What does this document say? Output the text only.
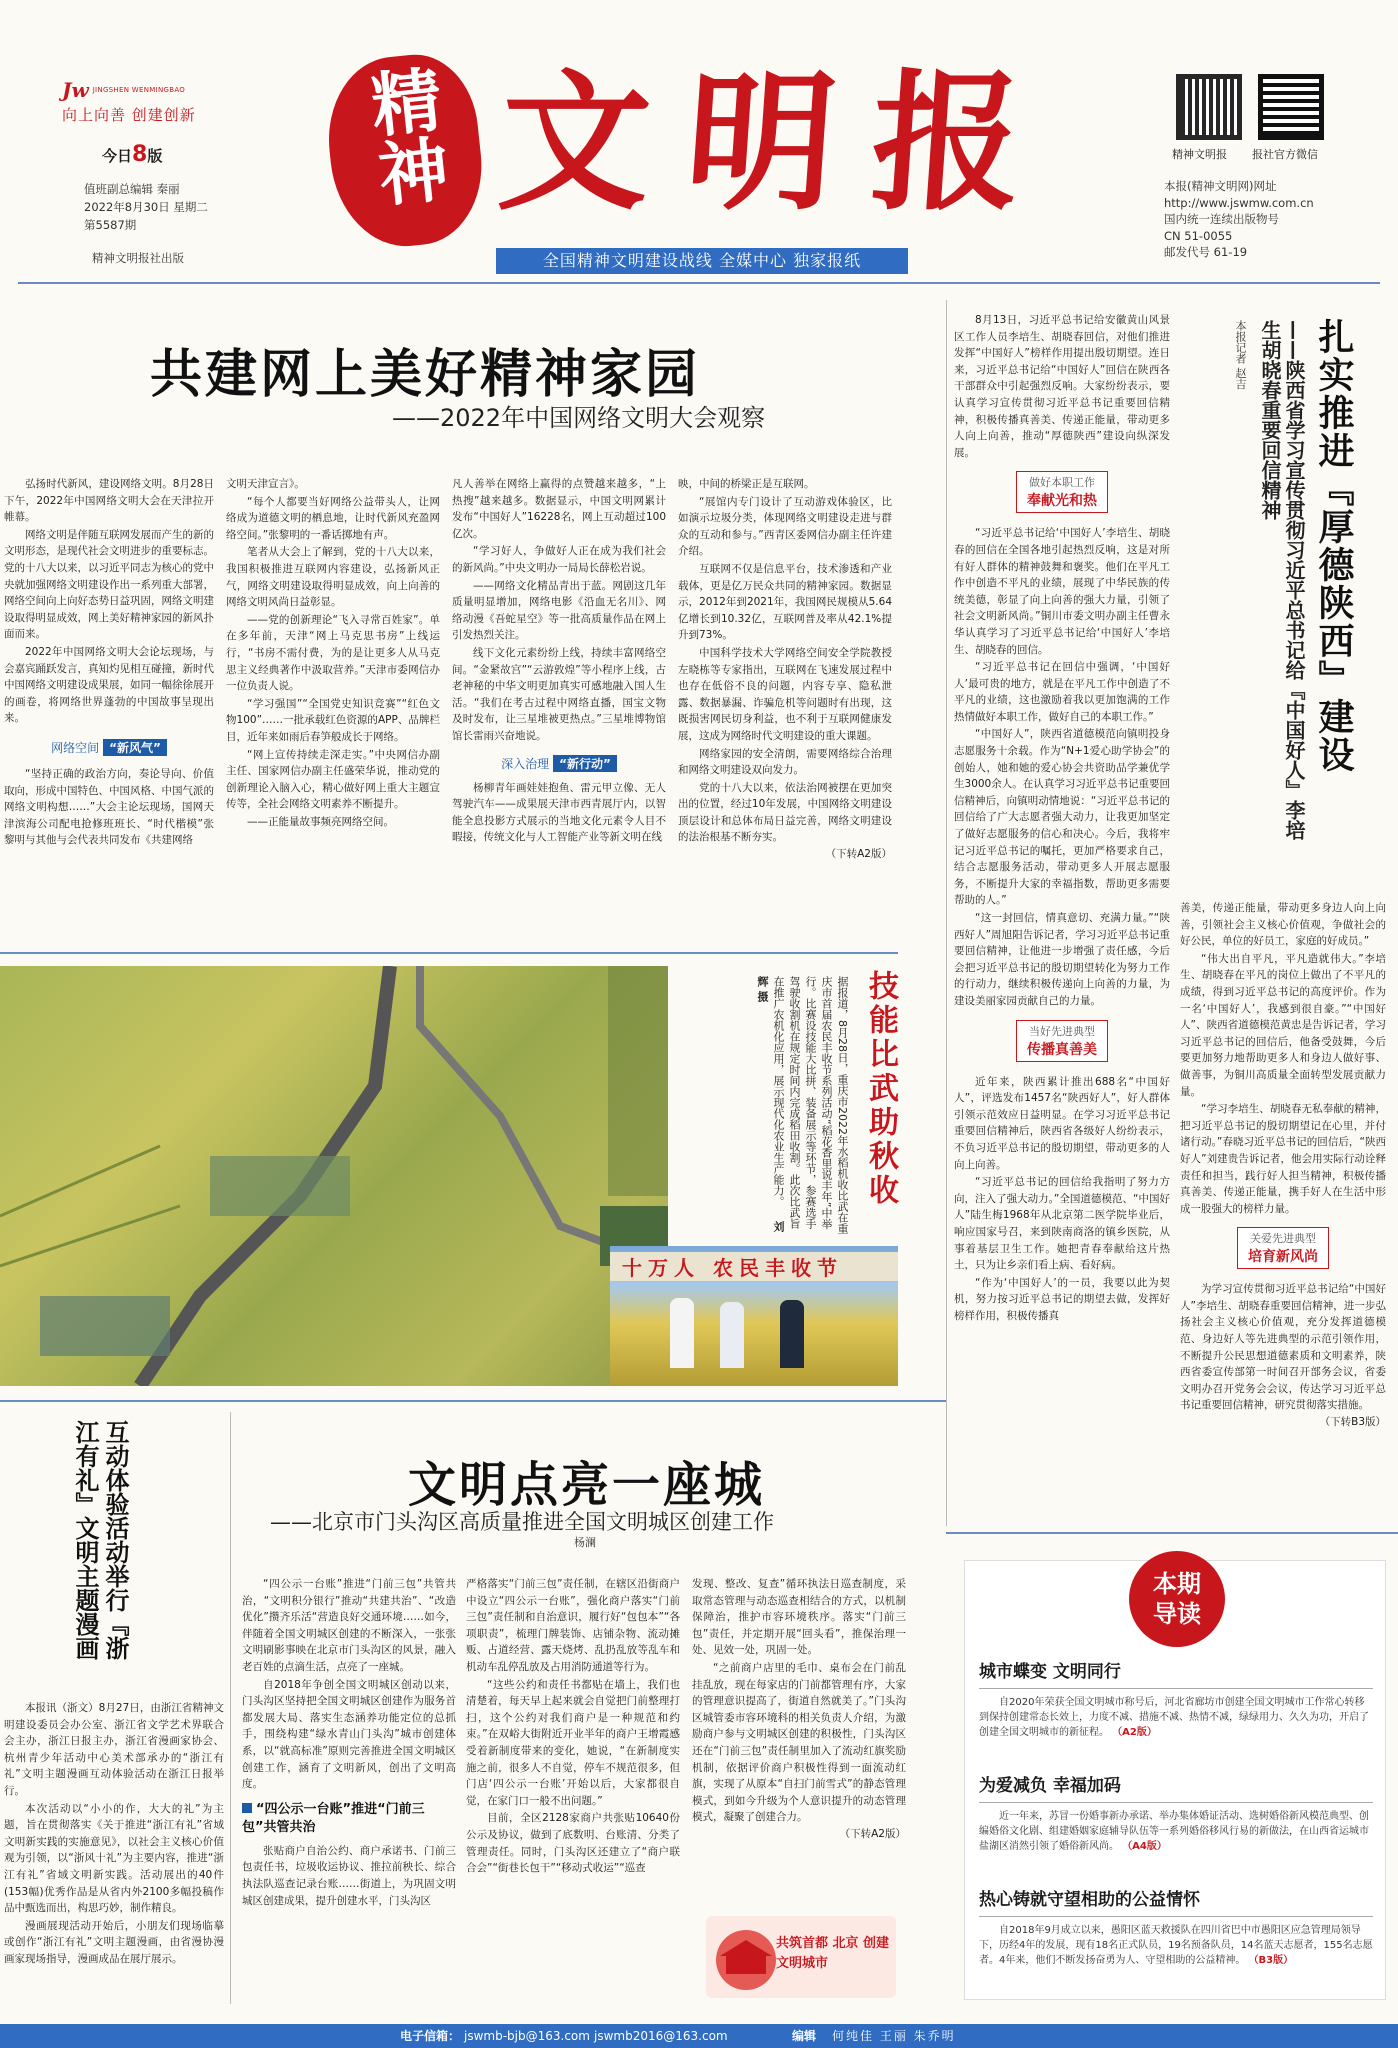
Jw JINGSHEN WENMINGBAO
向上向善 创建创新
今日8版
值班副总编辑 秦丽
2022年8月30日 星期二
第5587期
精神文明报社出版
精神 文明报
全国精神文明建设战线 全媒中心 独家报纸
精神文明报 报社官方微信
本报(精神文明网)网址
http://www.jswmw.com.cn
国内统一连续出版物号
CN 51-0055
邮发代号 61-19
共建网上美好精神家园
——2022年中国网络文明大会观察

弘扬时代新风，建设网络文明。8月28日下午，2022年中国网络文明大会在天津拉开帷幕。

网络文明是伴随互联网发展而产生的新的文明形态，是现代社会文明进步的重要标志。党的十八大以来，以习近平同志为核心的党中央就加强网络文明建设作出一系列重大部署，网络空间向上向好态势日益巩固，网络文明建设取得明显成效，网上美好精神家园的新风扑面而来。

2022年中国网络文明大会论坛现场，与会嘉宾踊跃发言，真知灼见相互碰撞，新时代中国网络文明建设成果展，如同一幅徐徐展开的画卷，将网络世界蓬勃的中国故事呈现出来。

网络空间 “新风气”

“坚持正确的政治方向，奏论导向、价值取向，形成中国特色、中国风格、中国气派的网络文明构想……”大会主论坛现场，国网天津滨海公司配电抢修班班长、“时代楷模”张黎明与其他与会代表共同发布《共建网络

文明天津宣言》。

“每个人都要当好网络公益带头人，让网络成为道德文明的栖息地，让时代新风充盈网络空间。”张黎明的一番话掷地有声。

笔者从大会上了解到，党的十八大以来，我国积极推进互联网内容建设，弘扬新风正气，网络文明建设取得明显成效，向上向善的网络文明风尚日益彰显。

——党的创新理论“飞入寻常百姓家”。单在多年前，天津“网上马克思书房”上线运行，“书房不需付费，为的是让更多人从马克思主义经典著作中汲取营养。”天津市委网信办一位负责人说。

“学习强国”“全国党史知识竞赛”“红色文物100”……一批承载红色资源的APP、品牌栏目，近年来如雨后春笋般成长于网络。

“网上宣传持续走深走实。”中央网信办副主任、国家网信办副主任盛荣华说，推动党的创新理论入脑入心，精心做好网上重大主题宣传等，全社会网络文明素养不断提升。

——正能量故事频亮网络空间。

凡人善举在网络上赢得的点赞越来越多，“上热搜”越来越多。数据显示，中国文明网累计发布“中国好人”16228名，网上互动超过100亿次。

“学习好人，争做好人正在成为我们社会的新风尚。”中央文明办一局局长薛松岩说。

——网络文化精品青出于蓝。网剧这几年质量明显增加，网络电影《沿血无名川》、网络动漫《吾蛇星空》等一批高质量作品在网上引发热烈关注。

线下文化元素纷纷上线，持续丰富网络空间。“金紧故宫”“云游敦煌”等小程序上线，古老神秘的中华文明更加真实可感地融入国人生活。“我们在考古过程中网络直播，国宝文物及时发布，让三星堆被更热点。”三星堆博物馆馆长雷雨兴奋地说。

深入治理 “新行动”

杨柳青年画娃娃抱鱼、雷元甲立像、无人驾驶汽车——成果展天津市西青展厅内，以智能全息投影方式展示的当地文化元素令人目不暇接，传统文化与人工智能产业等新文明在线

映，中间的桥梁正是互联网。

“展馆内专门设计了互动游戏体验区，比如演示垃圾分类，体现网络文明建设走进与群众的互动和参与。”西青区委网信办副主任许建介绍。

互联网不仅是信息平台，技术渗透和产业载体，更是亿万民众共同的精神家园。数据显示，2012年到2021年，我国网民规模从5.64亿增长到10.32亿，互联网普及率从42.1%提升到73%。

中国科学技术大学网络空间安全学院教授左晓栋等专家指出，互联网在飞速发展过程中也存在低俗不良的问题，内容专享、隐私泄露、数据暴漏、诈骗危机等问题时有出现，这既损害网民切身利益，也不利于互联网健康发展，这成为网络时代文明建设的重大课题。

网络家园的安全清朗，需要网络综合治理和网络文明建设双向发力。

党的十八大以来，依法治网被摆在更加突出的位置，经过10年发展，中国网络文明建设顶层设计和总体布局日益完善，网络文明建设的法治根基不断夯实。

（下转A2版）
十万人 农民丰收节
技能比武助秋收
据报道，8月28日，重庆市2022年水稻机收比武在重庆市首届农民丰收节系列活动“稻花香里说丰年”中举行。比赛设技能大比拼、装备展示等环节，参赛选手驾驶收割机在规定时间内完成稻田收割。此次比武旨在推广农机化应用，展示现代化农业生产能力。 刘辉 摄
扎实推进『厚德陕西』建设
——陕西省学习宣传贯彻习近平总书记给『中国好人』李培生胡晓春重要回信精神
本报记者 赵吉

8月13日，习近平总书记给安徽黄山风景区工作人员李培生、胡晓春回信，对他们推进发挥“中国好人”榜样作用提出殷切期望。连日来，习近平总书记给“中国好人”回信在陕西各干部群众中引起强烈反响。大家纷纷表示，要认真学习宣传贯彻习近平总书记重要回信精神，积极传播真善美、传递正能量，带动更多人向上向善，推动“厚德陕西”建设向纵深发展。

做好本职工作
奉献光和热

“习近平总书记给‘中国好人’李培生、胡晓春的回信在全国各地引起热烈反响，这是对所有好人群体的精神鼓舞和褒奖。他们在平凡工作中创造不平凡的业绩，展现了中华民族的传统美德，彰显了向上向善的强大力量，引领了社会文明新风尚。”铜川市委文明办副主任曹永华认真学习了习近平总书记给‘中国好人’李培生、胡晓春的回信。

“习近平总书记在回信中强调，‘中国好人’最可贵的地方，就是在平凡工作中创造了不平凡的业绩，这也激励着我以更加饱满的工作热情做好本职工作，做好自己的本职工作。”

“中国好人”，陕西省道德模范向镇明投身志愿服务十余载。作为“N+1爱心助学协会”的创始人，她和她的爱心协会共资助品学兼优学生3000余人。在认真学习习近平总书记重要回信精神后，向镇明动情地说：“习近平总书记的回信给了广大志愿者强大动力，让我更加坚定了做好志愿服务的信心和决心。今后，我将牢记习近平总书记的嘱托，更加严格要求自己，结合志愿服务活动，带动更多人开展志愿服务，不断提升大家的幸福指数，帮助更多需要帮助的人。”

“这一封回信，情真意切、充满力量。”“陕西好人”周旭阳告诉记者，学习习近平总书记重要回信精神，让他进一步增强了责任感，今后会把习近平总书记的殷切期望转化为努力工作的行动力，继续积极传递向上向善的力量，为建设美丽家园贡献自己的力量。

当好先进典型
传播真善美

近年来，陕西累计推出688名“中国好人”，评选发布1457名“陕西好人”，好人群体引领示范效应日益明显。在学习习近平总书记重要回信精神后，陕西省各级好人纷纷表示，不负习近平总书记的殷切期望，带动更多的人向上向善。

“习近平总书记的回信给我指明了努力方向，注入了强大动力。”全国道德模范、“中国好人”陆生梅1968年从北京第二医学院毕业后，响应国家号召，来到陕南商洛的镇乡医院，从事着基层卫生工作。她把青春奉献给这片热土，只为让乡亲们看上病、看好病。

“作为‘中国好人’的一员，我要以此为契机，努力按习近平总书记的期望去做，发挥好榜样作用，积极传播真

善美，传递正能量，带动更多身边人向上向善，引领社会主义核心价值观，争做社会的好公民，单位的好员工，家庭的好成员。”

“伟大出自平凡，平凡造就伟大。”李培生、胡晓春在平凡的岗位上做出了不平凡的成绩，得到习近平总书记的高度评价。作为一名‘中国好人’，我感到很自豪。”“中国好人”、陕西省道德模范黄忠是告诉记者，学习习近平总书记的回信后，他备受鼓舞，今后要更加努力地帮助更多人和身边人做好事、做善事，为铜川高质量全面转型发展贡献力量。

“学习李培生、胡晓春无私奉献的精神，把习近平总书记的殷切期望记在心里，并付诸行动。”春晓习近平总书记的回信后，“陕西好人”刘建贵告诉记者，他会用实际行动诠释责任和担当，践行好人担当精神，积极传播真善美、传递正能量，携手好人在生活中形成一股强大的榜样力量。

关爱先进典型
培育新风尚

为学习宣传贯彻习近平总书记给“中国好人”李培生、胡晓春重要回信精神，进一步弘扬社会主义核心价值观，充分发挥道德模范、身边好人等先进典型的示范引领作用，不断提升公民思想道德素质和文明素养，陕西省委宣传部第一时间召开部务会议，省委文明办召开党务会会议，传达学习习近平总书记重要回信精神，研究贯彻落实措施。

（下转B3版）
互动体验活动举行『浙江有礼』文明主题漫画

本报讯（浙文）8月27日，由浙江省精神文明建设委员会办公室、浙江省文学艺术界联合会主办，浙江日报主办，浙江省漫画家协会、杭州青少年活动中心美术部承办的“浙江有礼”文明主题漫画互动体验活动在浙江日报举行。

本次活动以“小小的作，大大的礼”为主题，旨在贯彻落实《关于推进“浙江有礼”省域文明新实践的实施意见》，以社会主义核心价值观为引领，以“浙风十礼”为主要内容，推进“浙江有礼”省域文明新实践。活动展出的40件(153幅)优秀作品是从省内外2100多幅投稿作品中甄选而出，构思巧妙，制作精良。

漫画展现活动开始后，小朋友们现场临摹或创作“浙江有礼”文明主题漫画，由省漫协漫画家现场指导，漫画成品在展厅展示。

文明点亮一座城
——北京市门头沟区高质量推进全国文明城区创建工作
杨澜

“四公示一台账”推进“门前三包”共管共治，“文明积分银行”推动“共建共治”、“改造优化”攒齐乐活“营造良好交通环境……如今，伴随着全国文明城区创建的不断深入，一张张文明刷影事映在北京市门头沟区的风景，融入老百姓的点滴生活，点亮了一座城。

自2018年争创全国文明城区创动以来，门头沟区坚持把全国文明城区创建作为服务首都发展大局、落实生态涵养功能定位的总抓手，围绕构建“绿水青山门头沟”城市创建体系，以“就高标准”原则完善推进全国文明城区创建工作，涵育了文明新风，创出了文明高度。

“四公示一台账”推进“门前三包”共管共治

张贴商户自治公约、商户承诺书、门前三包责任书，垃圾收运协议、推拉前秧长、综合执法队巡查记录台账……街道上，为巩固文明城区创建成果，提升创建水平，门头沟区

严格落实“门前三包”责任制，在辖区沿街商户中设立“四公示一台账”，强化商户落实“门前三包”责任制和自治意识，履行好“包包本”“各项职责”，梳理门牌装饰、店铺杂物、流动摊贩、占道经营、露天烧烤、乱扔乱放等乱车和机动车乱停乱放及占用消防通道等行为。

“这些公约和责任书都贴在墙上，我们也清楚着，每天早上起来就会自觉把门前整理打扫，这个公约对我们商户是一种规范和约束。”在双峪大街附近开业半年的商户王增霞感受着新制度带来的变化，她说，“在新制度实施之前，很多人不自觉，停车不规范很多，但门店‘四公示一台账’开始以后，大家都很自觉，在家门口一般不出问题。”

目前，全区2128家商户共张贴10640份公示及协议，做到了底数明、台账清、分类了管理责任。同时，门头沟区还建立了“商户联合会”“街巷长包干”“移动式收运”“巡查

发现、整改、复查”循环执法日巡查制度，采取常态管理与动态巡查相结合的方式，以机制保障治，推护市容环境秩序。落实“门前三包”责任，并定期开展“回头看”，推保治理一处、见效一处，巩固一处。

“之前商户店里的毛巾、桌布会在门前乱挂乱放，现在每家店的门前都管理有序，大家的管理意识提高了，街道自然就美了。”门头沟区城管委市容环境科的相关负责人介绍，为激励商户参与文明城区创建的积极性，门头沟区还在“门前三包”责任制里加入了流动红旗奖励机制，依据评价商户积极性得到一面流动红旗，实现了从原本“自扫门前雪式”的静态管理模式，到如今升级为个人意识提升的动态管理模式，凝聚了创建合力。

（下转A2版）
共筑首都 北京 创建文明城市
本期
导读
城市蝶变 文明同行
自2020年荣获全国文明城市称号后，河北省廊坊市创建全国文明城市工作常心转移到保持创建常态长效上，力度不减、措施不减、热情不减，绿绿用力、久久为功，开启了创建全国文明城市的新征程。 （A2版）
为爱减负 幸福加码
近一年来，苏冒一份婚事新办承诺、举办集体婚证活动、选树婚俗新风模范典型、创编婚俗文化剧、组建婚姻家庭辅导队伍等一系列婚俗移风行易的新做法，在山西省运城市盐湖区消然引领了婚俗新风尚。 （A4版）
热心铸就守望相助的公益情怀
自2018年9月成立以来，愚阳区蓝天救援队在四川省巴中市愚阳区应急管理局领导下，历经4年的发展，现有18名正式队员，19名预备队员，14名蓝天志愿者，155名志愿者。4年来，他们不断发扬奋勇为人、守望相助的公益精神。 （B3版）
电子信箱： jswmb-bjb@163.com jswmb2016@163.com	编辑 何纯佳 王丽 朱乔明
